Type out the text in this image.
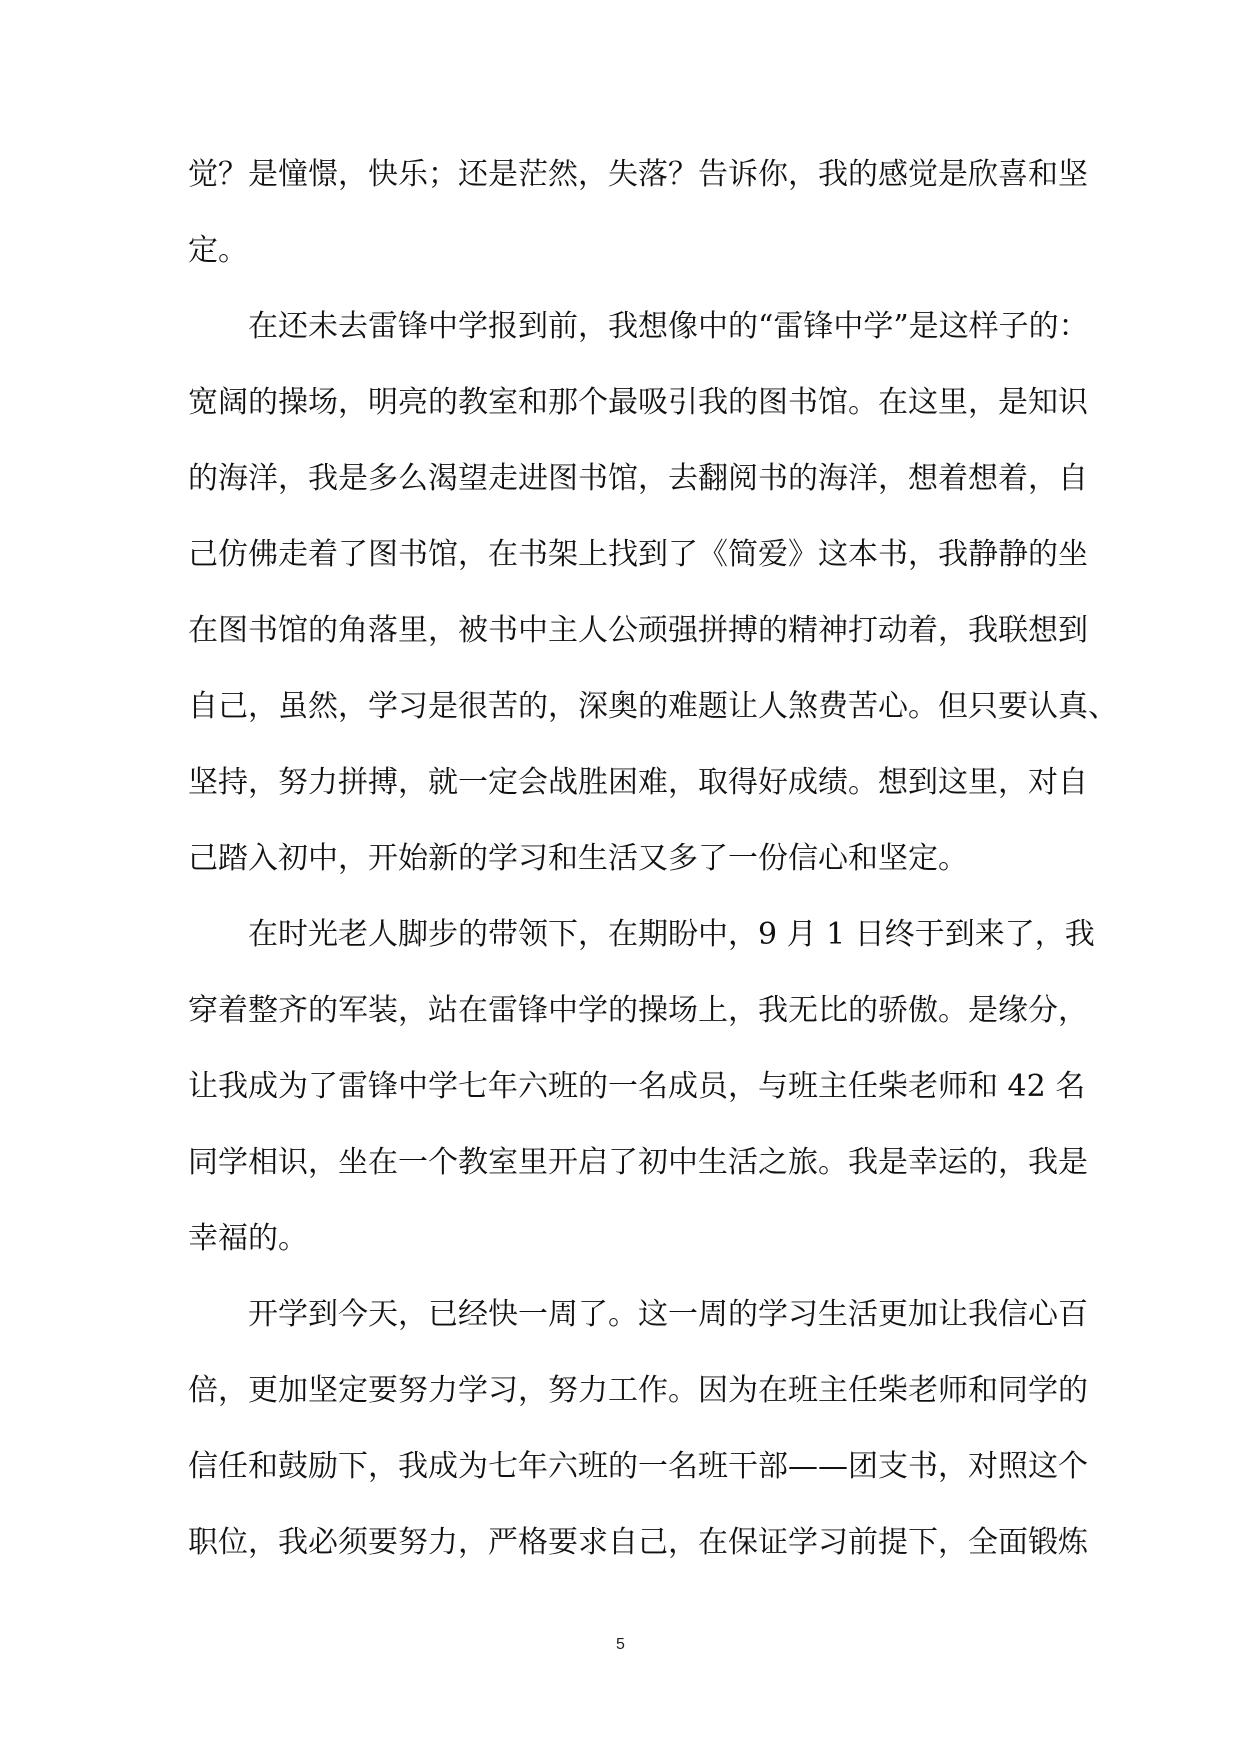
觉？是憧憬，快乐；还是茫然，失落？告诉你，我的感觉是欣喜和坚
定。
在还未去雷锋中学报到前，我想像中的“雷锋中学”是这样子的：
宽阔的操场，明亮的教室和那个最吸引我的图书馆。在这里，是知识
的海洋，我是多么渴望走进图书馆，去翻阅书的海洋，想着想着，自
己仿佛走着了图书馆，在书架上找到了《简爱》这本书，我静静的坐
在图书馆的角落里，被书中主人公顽强拼搏的精神打动着，我联想到
自己，虽然，学习是很苦的，深奥的难题让人煞费苦心。但只要认真、
坚持，努力拼搏，就一定会战胜困难，取得好成绩。想到这里，对自
己踏入初中，开始新的学习和生活又多了一份信心和坚定。
在时光老人脚步的带领下，在期盼中，9 月 1 日终于到来了，我
穿着整齐的军装，站在雷锋中学的操场上，我无比的骄傲。是缘分，
让我成为了雷锋中学七年六班的一名成员，与班主任柴老师和 42 名
同学相识，坐在一个教室里开启了初中生活之旅。我是幸运的，我是
幸福的。
开学到今天，已经快一周了。这一周的学习生活更加让我信心百
倍，更加坚定要努力学习，努力工作。因为在班主任柴老师和同学的
信任和鼓励下，我成为七年六班的一名班干部——团支书，对照这个
职位，我必须要努力，严格要求自己，在保证学习前提下，全面锻炼
5
